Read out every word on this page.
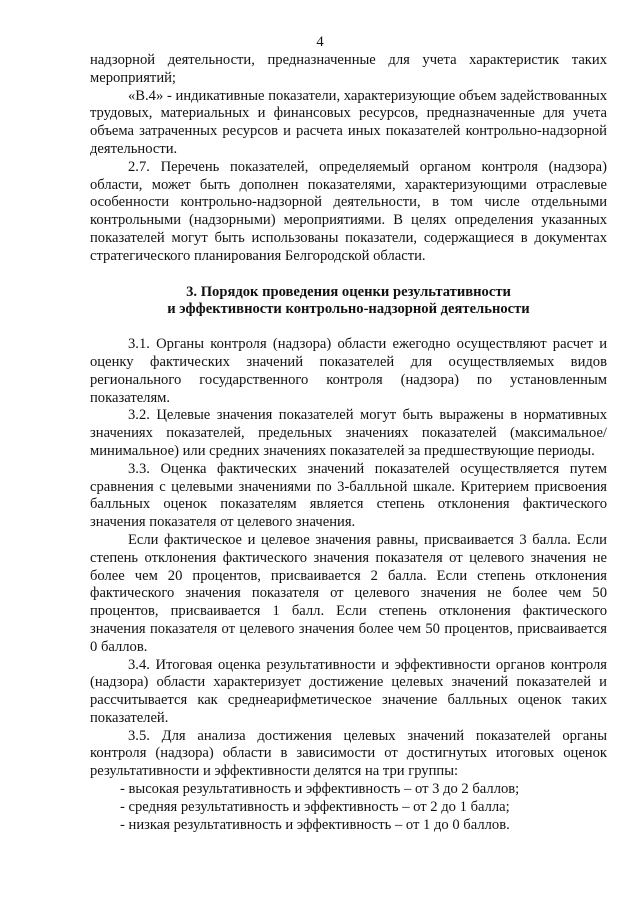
4

надзорной деятельности, предназначенные для учета характеристик таких мероприятий;

«В.4» - индикативные показатели, характеризующие объем задействованных трудовых, материальных и финансовых ресурсов, предназначенные для учета объема затраченных ресурсов и расчета иных показателей контрольно-надзорной деятельности.

2.7. Перечень показателей, определяемый органом контроля (надзора) области, может быть дополнен показателями, характеризующими отраслевые особенности контрольно-надзорной деятельности, в том числе отдельными контрольными (надзорными) мероприятиями. В целях определения указанных показателей могут быть использованы показатели, содержащиеся в документах стратегического планирования Белгородской области.

3. Порядок проведения оценки результативности
и эффективности контрольно-надзорной деятельности

3.1. Органы контроля (надзора) области ежегодно осуществляют расчет и оценку фактических значений показателей для осуществляемых видов регионального государственного контроля (надзора) по установленным показателям.

3.2. Целевые значения показателей могут быть выражены в нормативных значениях показателей, предельных значениях показателей (максимальное/минимальное) или средних значениях показателей за предшествующие периоды.

3.3. Оценка фактических значений показателей осуществляется путем сравнения с целевыми значениями по 3-балльной шкале. Критерием присвоения балльных оценок показателям является степень отклонения фактического значения показателя от целевого значения.

Если фактическое и целевое значения равны, присваивается 3 балла. Если степень отклонения фактического значения показателя от целевого значения не более чем 20 процентов, присваивается 2 балла. Если степень отклонения фактического значения показателя от целевого значения не более чем 50 процентов, присваивается 1 балл. Если степень отклонения фактического значения показателя от целевого значения более чем 50 процентов, присваивается 0 баллов.

3.4. Итоговая оценка результативности и эффективности органов контроля (надзора) области характеризует достижение целевых значений показателей и рассчитывается как среднеарифметическое значение балльных оценок таких показателей.

3.5. Для анализа достижения целевых значений показателей органы контроля (надзора) области в зависимости от достигнутых итоговых оценок результативности и эффективности делятся на три группы:

- высокая результативность и эффективность – от 3 до 2 баллов;
- средняя результативность и эффективность – от 2 до 1 балла;
- низкая результативность и эффективность – от 1 до 0 баллов.
